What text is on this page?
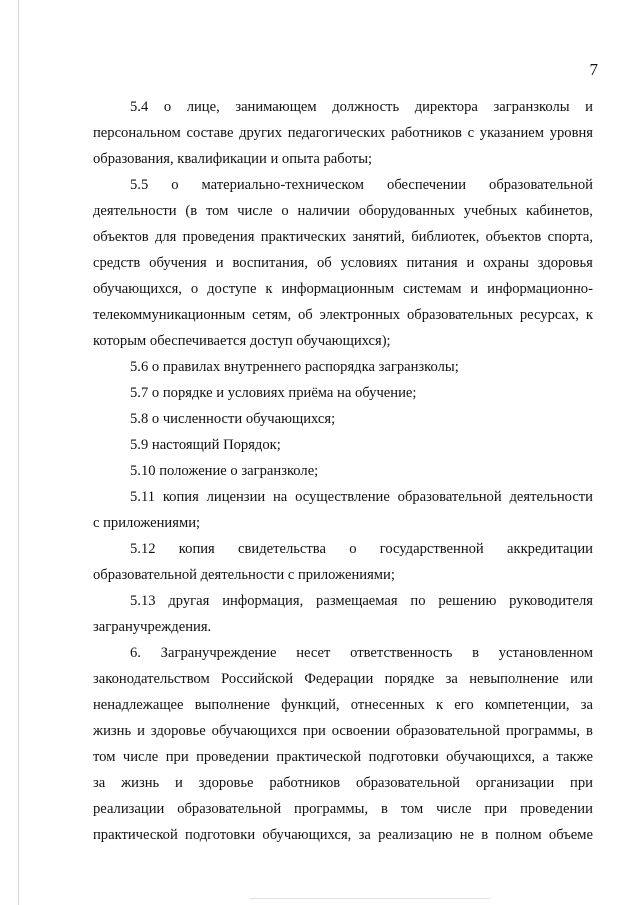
7
5.4 о лице, занимающем должность директора загранзколы и
персональном составе других педагогических работников с указанием уровня
образования, квалификации и опыта работы;
5.5 о материально-техническом обеспечении образовательной
деятельности (в том числе о наличии оборудованных учебных кабинетов,
объектов для проведения практических занятий, библиотек, объектов спорта,
средств обучения и воспитания, об условиях питания и охраны здоровья
обучающихся, о доступе к информационным системам и информационно-
телекоммуникационным сетям, об электронных образовательных ресурсах, к
которым обеспечивается доступ обучающихся);
5.6 о правилах внутреннего распорядка загранзколы;
5.7 о порядке и условиях приёма на обучение;
5.8 о численности обучающихся;
5.9 настоящий Порядок;
5.10 положение о загранзколе;
5.11 копия лицензии на осуществление образовательной деятельности
с приложениями;
5.12 копия свидетельства о государственной аккредитации
образовательной деятельности с приложениями;
5.13 другая информация, размещаемая по решению руководителя
загранучреждения.
6. Загранучреждение несет ответственность в установленном
законодательством Российской Федерации порядке за невыполнение или
ненадлежащее выполнение функций, отнесенных к его компетенции, за
жизнь и здоровье обучающихся при освоении образовательной программы, в
том числе при проведении практической подготовки обучающихся, а также
за жизнь и здоровье работников образовательной организации при
реализации образовательной программы, в том числе при проведении
практической подготовки обучающихся, за реализацию не в полном объеме
